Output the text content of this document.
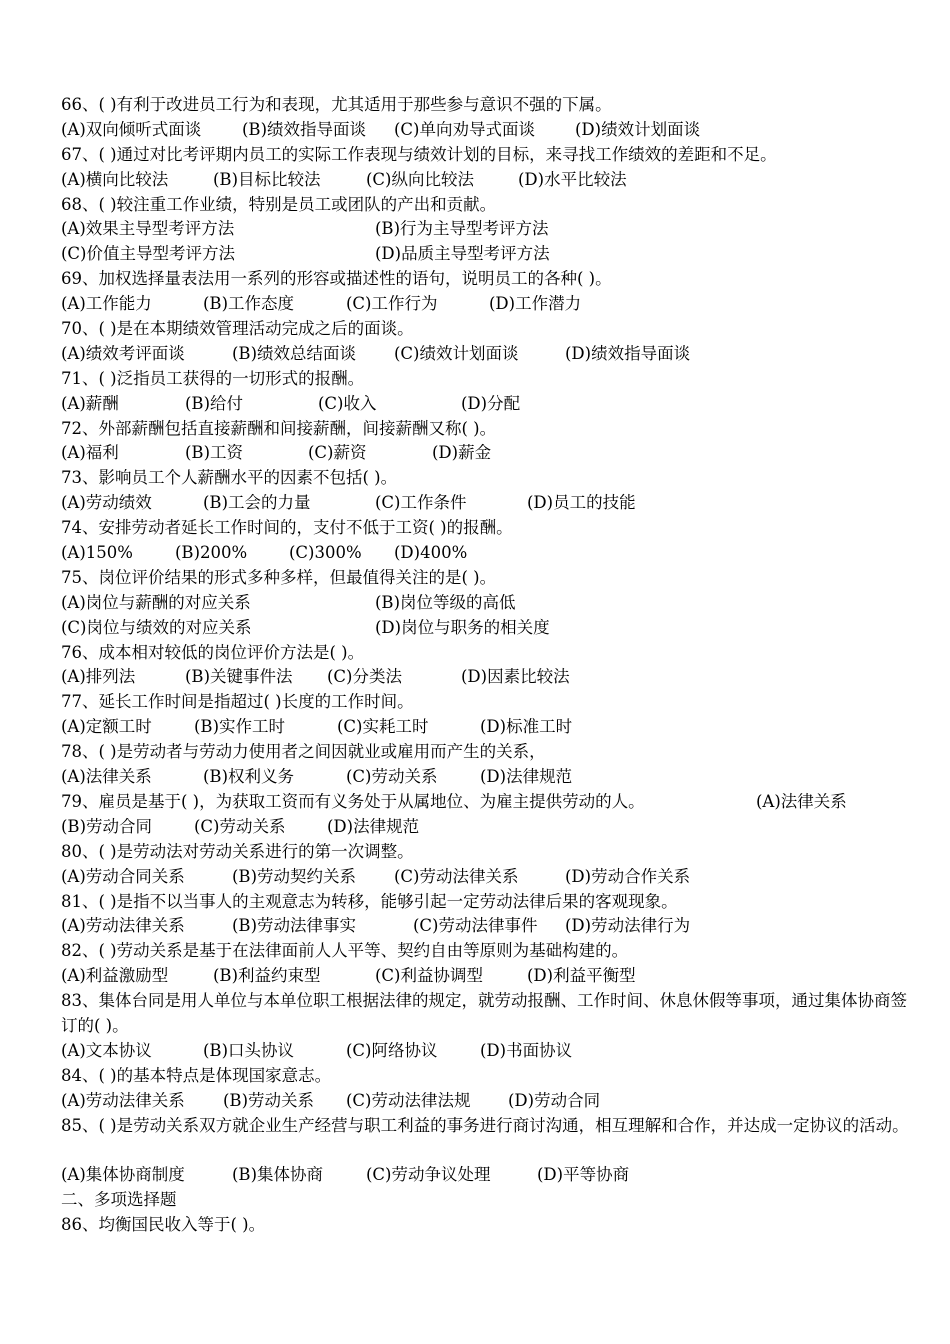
66、( )有利于改进员工行为和表现，尤其适用于那些参与意识不强的下属。

(A)双向倾听式面谈

(B)绩效指导面谈

(C)单向劝导式面谈

(D)绩效计划面谈

67、( )通过对比考评期内员工的实际工作表现与绩效计划的目标，来寻找工作绩效的差距和不足。

(A)横向比较法

	(B)目标比较法

	(C)纵向比较法

	(D)水平比较法

68、( )较注重工作业绩，特别是员工或团队的产出和贡献。

(A)效果主导型考评方法

	(B)行为主导型考评方法

(C)价值主导型考评方法

	(D)品质主导型考评方法

69、加权选择量表法用一系列的形容或描述性的语句，说明员工的各种( )。

(A)工作能力

	(B)工作态度

	(C)工作行为

	(D)工作潜力

70、( )是在本期绩效管理活动完成之后的面谈。

(A)绩效考评面谈

	(B)绩效总结面谈

(C)绩效计划面谈

	(D)绩效指导面谈

71、( )泛指员工获得的一切形式的报酬。

(A)薪酬

	(B)给付

	(C)收入

	(D)分配

72、外部薪酬包括直接薪酬和间接薪酬，间接薪酬又称( )。

(A)福利

	(B)工资

	(C)薪资

	(D)薪金

73、影响员工个人薪酬水平的因素不包括( )。

(A)劳动绩效

	(B)工会的力量

	(C)工作条件

	(D)员工的技能

74、安排劳动者延长工作时间的，支付不低于工资( )的报酬。

(A)150%

	(B)200%

	(C)300%

(D)400%

75、岗位评价结果的形式多种多样，但最值得关注的是( )。

(A)岗位与薪酬的对应关系

	(B)岗位等级的高低

(C)岗位与绩效的对应关系

	(D)岗位与职务的相关度

76、成本相对较低的岗位评价方法是( )。

(A)排列法

	(B)关键事件法

(C)分类法

	(D)因素比较法

77、延长工作时间是指超过( )长度的工作时间。

(A)定额工时

	(B)实作工时

	(C)实耗工时

	(D)标准工时

78、( )是劳动者与劳动力使用者之间因就业或雇用而产生的关系，

(A)法律关系

	(B)权利义务

	(C)劳动关系

	(D)法律规范

79、雇员是基于( )，为获取工资而有义务处于从属地位、为雇主提供劳动的人。

	(A)法律关系

(B)劳动合同

	(C)劳动关系

	(D)法律规范

80、( )是劳动法对劳动关系进行的第一次调整。

(A)劳动合同关系

	(B)劳动契约关系

(C)劳动法律关系

	(D)劳动合作关系

81、( )是指不以当事人的主观意志为转移，能够引起一定劳动法律后果的客观现象。

(A)劳动法律关系

	(B)劳动法律事实

	(C)劳动法律事件

(D)劳动法律行为

82、( )劳动关系是基于在法律面前人人平等、契约自由等原则为基础构建的。

(A)利益激励型

	(B)利益约束型

	(C)利益协调型

	(D)利益平衡型

83、集体台同是用人单位与本单位职工根据法律的规定，就劳动报酬、工作时间、休息休假等事项，通过集体协商签订的( )。

(A)文本协议

	(B)口头协议

	(C)阿络协议

	(D)书面协议

84、( )的基本特点是体现国家意志。

(A)劳动法律关系

(B)劳动关系

(C)劳动法律法规

(D)劳动合同

85、( )是劳动关系双方就企业生产经营与职工利益的事务进行商讨沟通，相互理解和合作，并达成一定协议的活动。

(A)集体协商制度

	(B)集体协商

	(C)劳动争议处理

	(D)平等协商

二、多项选择题
86、均衡国民收入等于( )。
